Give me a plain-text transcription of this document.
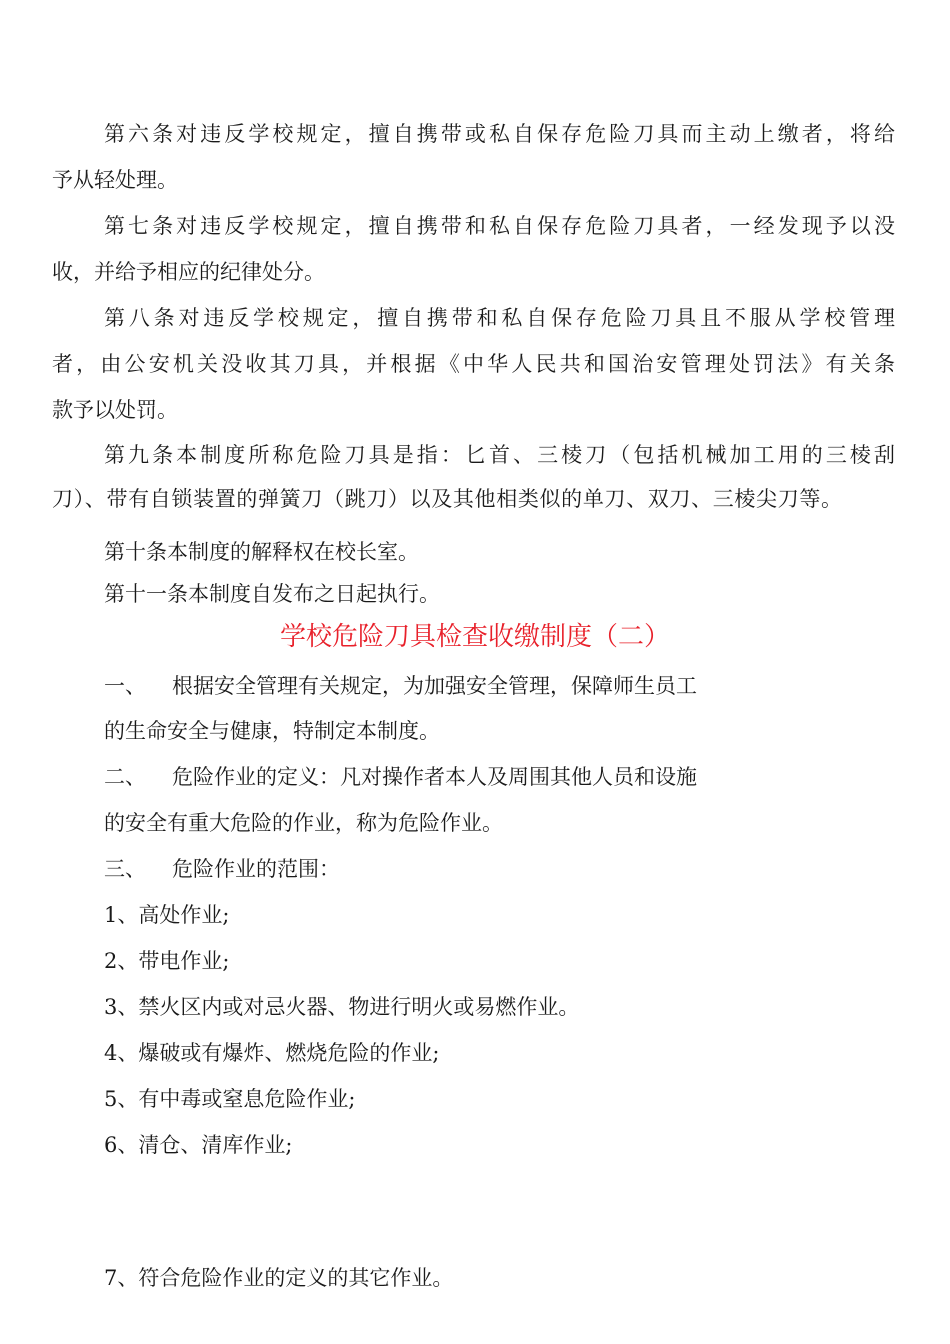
第六条对违反学校规定，擅自携带或私自保存危险刀具而主动上缴者，将给
予从轻处理。
第七条对违反学校规定，擅自携带和私自保存危险刀具者，一经发现予以没
收，并给予相应的纪律处分。
第八条对违反学校规定，擅自携带和私自保存危险刀具且不服从学校管理
者，由公安机关没收其刀具，并根据《中华人民共和国治安管理处罚法》有关条
款予以处罚。
第九条本制度所称危险刀具是指：匕首、三棱刀（包括机械加工用的三棱刮
刀）、带有自锁装置的弹簧刀（跳刀）以及其他相类似的单刀、双刀、三棱尖刀等。
第十条本制度的解释权在校长室。
第十一条本制度自发布之日起执行。
学校危险刀具检查收缴制度（二）
一、 根据安全管理有关规定，为加强安全管理，保障师生员工
的生命安全与健康，特制定本制度。
二、 危险作业的定义：凡对操作者本人及周围其他人员和设施
的安全有重大危险的作业，称为危险作业。
三、 危险作业的范围：
1、高处作业;
2、带电作业;
3、禁火区内或对忌火器、物进行明火或易燃作业。
4、爆破或有爆炸、燃烧危险的作业;
5、有中毒或窒息危险作业;
6、清仓、清库作业;
7、符合危险作业的定义的其它作业。
